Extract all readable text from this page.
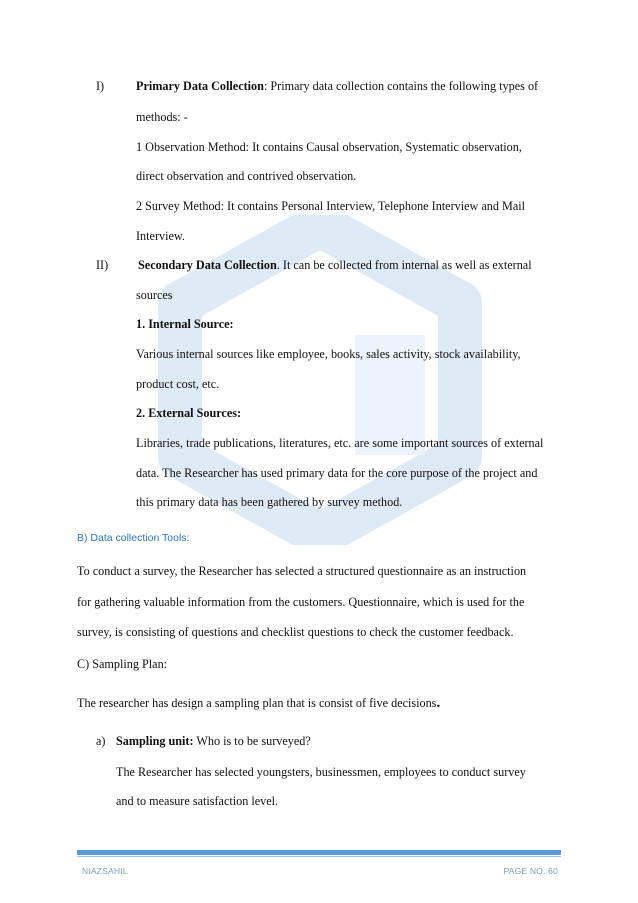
I)	Primary Data Collection: Primary data collection contains the following types of
methods: -
1 Observation Method: It contains Causal observation, Systematic observation,
direct observation and contrived observation.
2 Survey Method: It contains Personal Interview, Telephone Interview and Mail
Interview.
II) Secondary Data Collection. It can be collected from internal as well as external
sources
1. Internal Source:
Various internal sources like employee, books, sales activity, stock availability,
product cost, etc.
2. External Sources:
Libraries, trade publications, literatures, etc. are some important sources of external
data. The Researcher has used primary data for the core purpose of the project and
this primary data has been gathered by survey method.
B) Data collection Tools:
To conduct a survey, the Researcher has selected a structured questionnaire as an instruction
for gathering valuable information from the customers. Questionnaire, which is used for the
survey, is consisting of questions and checklist questions to check the customer feedback.
C) Sampling Plan:
The researcher has design a sampling plan that is consist of five decisions.
a) Sampling unit: Who is to be surveyed?
The Researcher has selected youngsters, businessmen, employees to conduct survey
and to measure satisfaction level.
NIAZSAHIL	PAGE NO. 60
